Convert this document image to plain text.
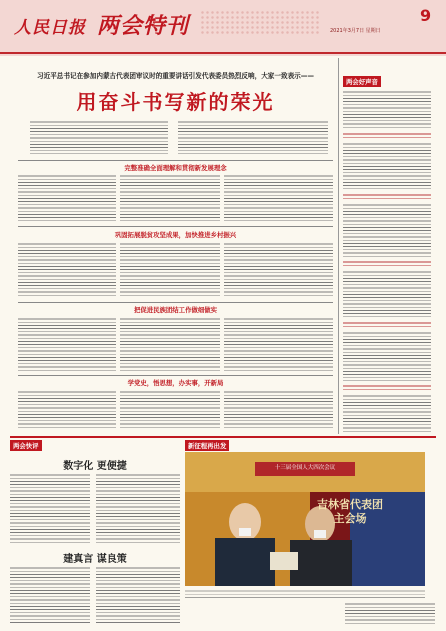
人民日报 两会特刊	9
2021年3月7日 星期日
习近平总书记在参加内蒙古代表团审议时的重要讲话引发代表委员热烈反响，大家一致表示——
用奋斗书写新的荣光
完整准确全面理解和贯彻新发展理念
巩固拓展脱贫攻坚成果，加快推进乡村振兴
把促进民族团结工作做细做实
学党史，悟思想，办实事，开新局
两会好声音
两会快评
数字化 更便捷
建真言 谋良策
新征程再出发
十三届全国人大四次会议
吉林省代表团 主会场
